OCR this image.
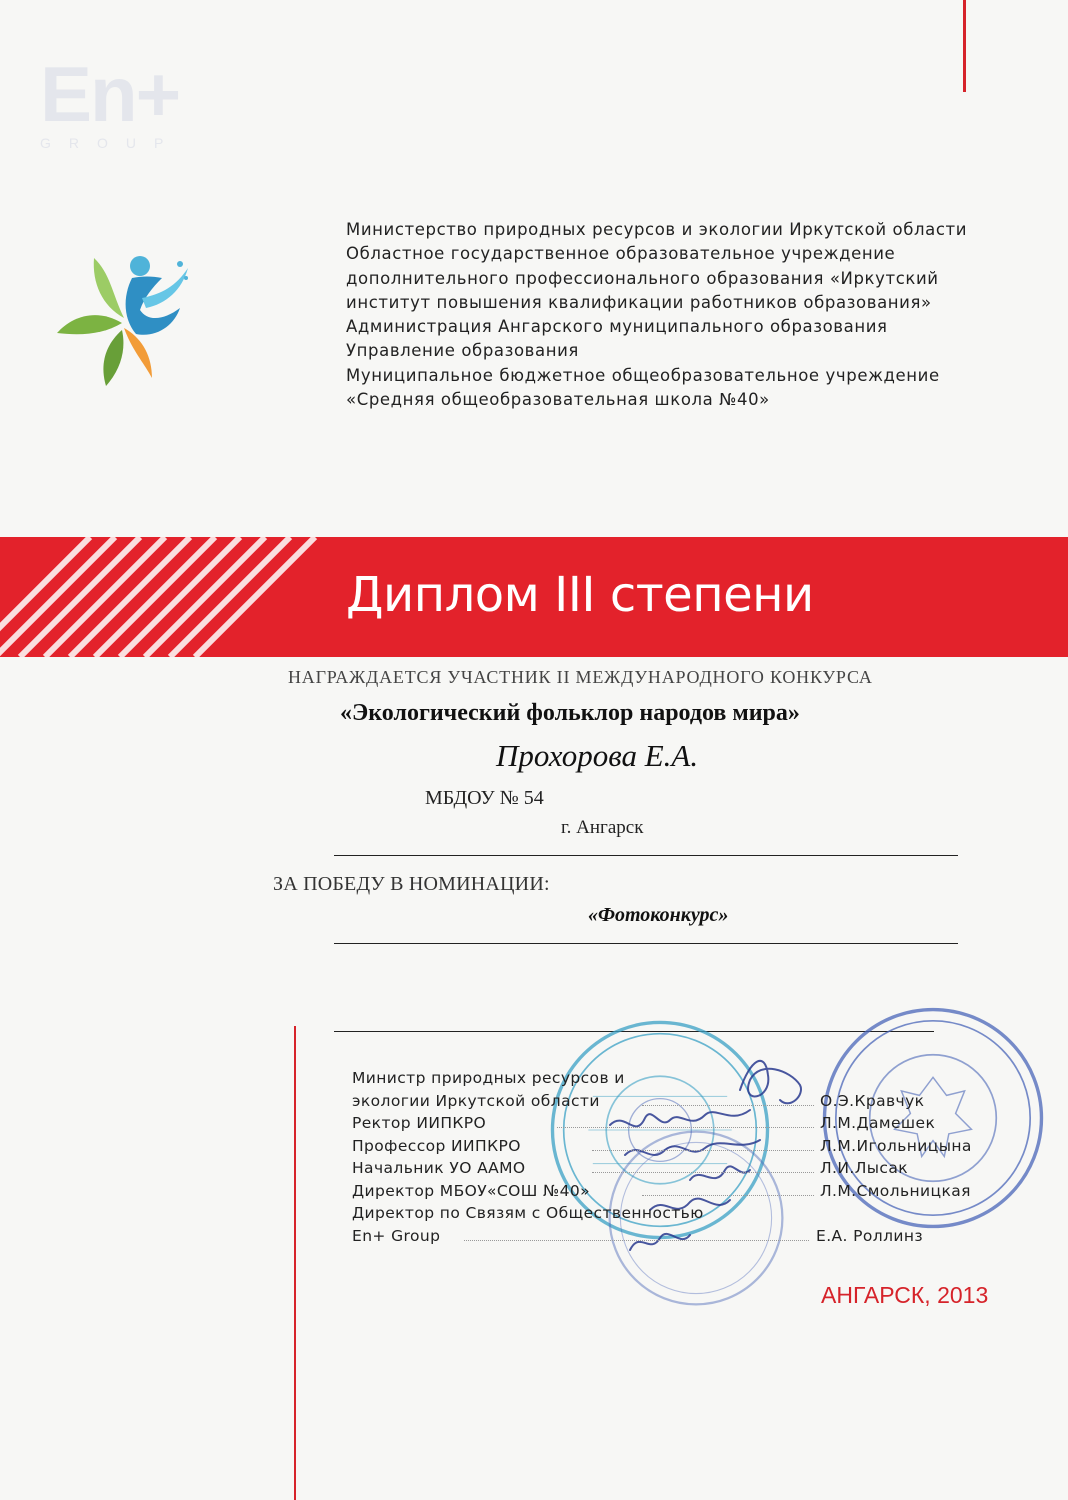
En+
GROUP
Министерство природных ресурсов и экологии Иркутской области
Областное государственное образовательное учреждение
дополнительного профессионального образования «Иркутский
институт повышения квалификации работников образования»
Администрация Ангарского муниципального образования
Управление образования
Муниципальное бюджетное общеобразовательное учреждение
«Средняя общеобразовательная школа №40»
Диплом III степени
НАГРАЖДАЕТСЯ УЧАСТНИК II МЕЖДУНАРОДНОГО КОНКУРСА
«Экологический фольклор народов мира»
Прохорова Е.А.
МБДОУ № 54
г. Ангарск
ЗА ПОБЕДУ В НОМИНАЦИИ:
«Фотоконкурс»
Министр природных ресурсов и
экологии Иркутской области	О.Э.Кравчук
Ректор ИИПКРО	Л.М.Дамешек
Профессор ИИПКРО	Л.М.Игольницына
Начальник УО ААМО	Л.И.Лысак
Директор МБОУ«СОШ №40»	Л.М.Смольницкая
Директор по Связям с Общественностью
En+ Group	Е.А. Роллинз
АНГАРСК, 2013
